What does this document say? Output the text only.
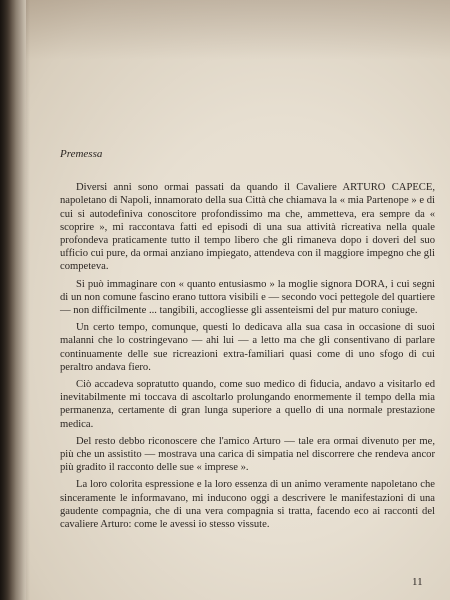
Premessa

Diversi anni sono ormai passati da quando il Cavaliere ARTURO CAPECE, napoletano di Napoli, innamorato della sua Città che chiamava la « mia Partenope » e di cui si autodefiniva conoscitore profondissimo ma che, ammetteva, era sempre da « scoprire », mi raccontava fatti ed episodi di una sua attività ricreativa nella quale profondeva praticamente tutto il tempo libero che gli rimaneva dopo i doveri del suo ufficio cui pure, da ormai anziano impiegato, attendeva con il maggiore impegno che gli competeva.

Si può immaginare con « quanto entusiasmo » la moglie signora DORA, i cui segni di un non comune fascino erano tuttora visibili e — secondo voci pettegole del quartiere — non difficilmente ... tangibili, accogliesse gli assenteismi del pur maturo coniuge.

Un certo tempo, comunque, questi lo dedicava alla sua casa in occasione di suoi malanni che lo costringevano — ahi lui — a letto ma che gli consentivano di parlare continuamente delle sue ricreazioni extra-familiari quasi come di uno sfogo di cui peraltro andava fiero.

Ciò accadeva sopratutto quando, come suo medico di fiducia, andavo a visitarlo ed inevitabilmente mi toccava di ascoltarlo prolungando enormemente il tempo della mia permanenza, certamente di gran lunga superiore a quello di una normale prestazione medica.

Del resto debbo riconoscere che l'amico Arturo — tale era ormai divenuto per me, più che un assistito — mostrava una carica di simpatia nel discorrere che rendeva ancor più gradito il racconto delle sue « imprese ».

La loro colorita espressione e la loro essenza di un animo veramente napoletano che sinceramente le informavano, mi inducono oggi a descrivere le manifestazioni di una gaudente compagnia, che di una vera compagnia si tratta, facendo eco ai racconti del cavaliere Arturo: come le avessi io stesso vissute.

11
